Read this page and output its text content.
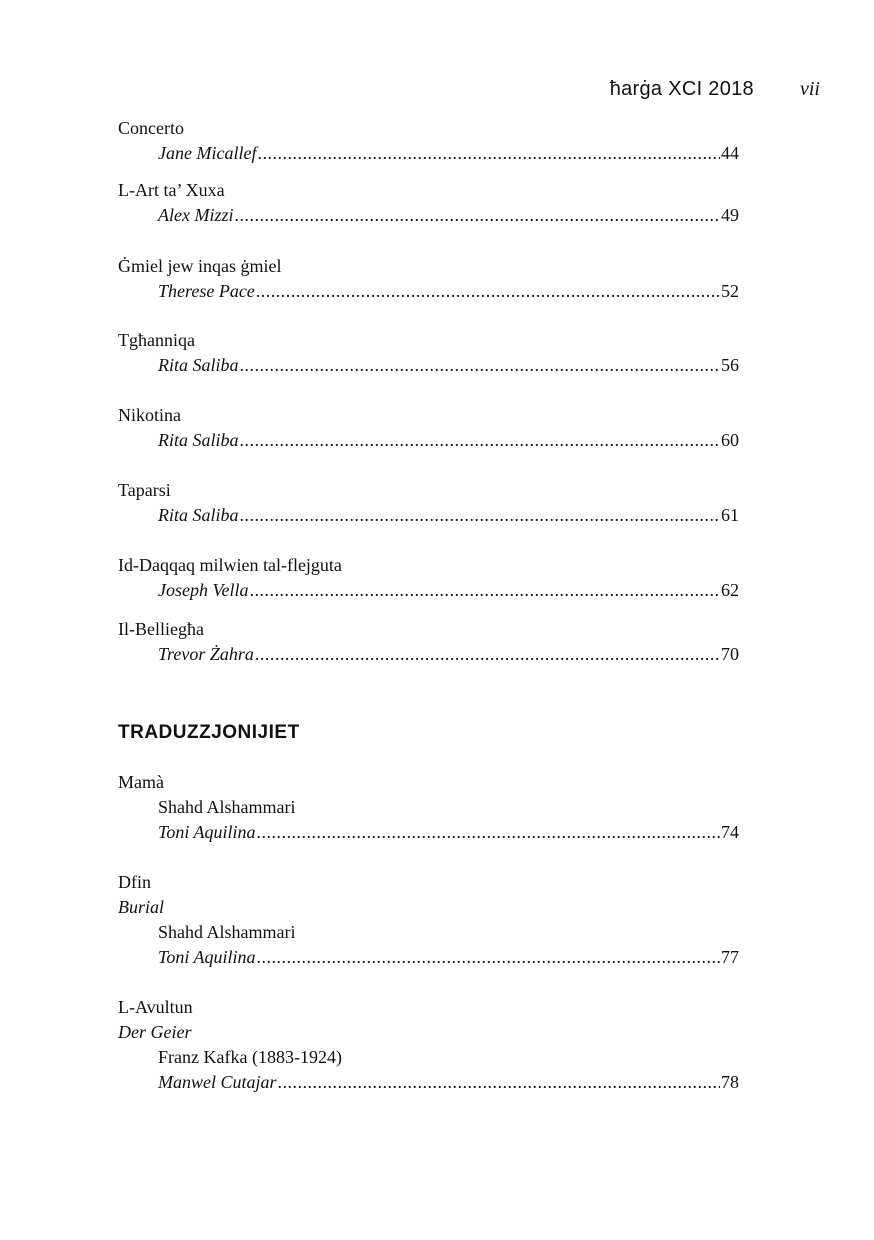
ħarġa XCI 2018 vii
Concerto
Jane Micallef .....	44
L-Art ta’ Xuxa
Alex Mizzi .....	49
Ġmiel jew inqas ġmiel
Therese Pace .....	52
Tgħanniqa
Rita Saliba .....	56
Nikotina
Rita Saliba .....	60
Taparsi
Rita Saliba .....	61
Id-Daqqaq milwien tal-flejguta
Joseph Vella .....	62
Il-Belliegħa
Trevor Żahra .....	70
TRADUZZJONIJIET
Mamà
Shahd Alshammari
Toni Aquilina .....	74
Dfin
Burial
Shahd Alshammari
Toni Aquilina .....	77
L-Avultun
Der Geier
Franz Kafka (1883-1924)
Manwel Cutajar .....	78
